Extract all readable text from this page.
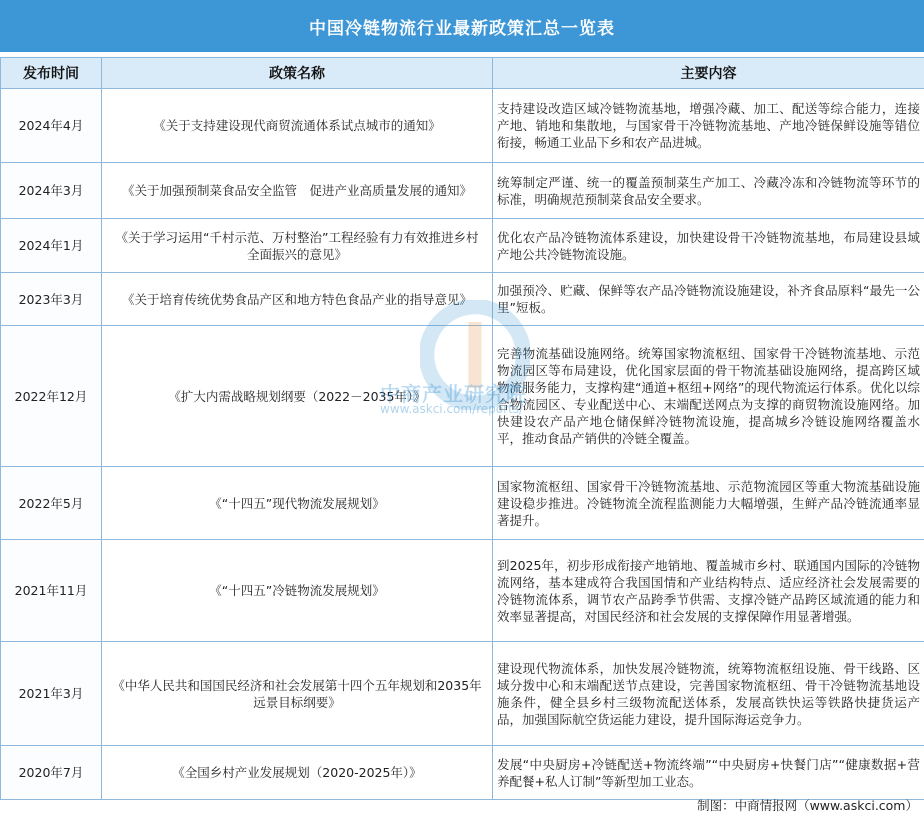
中国冷链物流行业最新政策汇总一览表
发布时间	政策名称	主要内容
2024年4月	《关于支持建设现代商贸流通体系试点城市的通知》	支持建设改造区域冷链物流基地，增强冷藏、加工、配送等综合能力，连接产地、销地和集散地，与国家骨干冷链物流基地、产地冷链保鲜设施等错位衔接，畅通工业品下乡和农产品进城。
2024年3月	《关于加强预制菜食品安全监管　促进产业高质量发展的通知》	统筹制定严谨、统一的覆盖预制菜生产加工、冷藏冷冻和冷链物流等环节的标准，明确规范预制菜食品安全要求。
2024年1月	《关于学习运用“千村示范、万村整治”工程经验有力有效推进乡村全面振兴的意见》	优化农产品冷链物流体系建设，加快建设骨干冷链物流基地，布局建设县域产地公共冷链物流设施。
2023年3月	《关于培育传统优势食品产区和地方特色食品产业的指导意见》	加强预冷、贮藏、保鲜等农产品冷链物流设施建设，补齐食品原料“最先一公里”短板。
2022年12月	《扩大内需战略规划纲要（2022－2035年）》	完善物流基础设施网络。统筹国家物流枢纽、国家骨干冷链物流基地、示范物流园区等布局建设，优化国家层面的骨干物流基础设施网络，提高跨区域物流服务能力，支撑构建“通道+枢纽+网络”的现代物流运行体系。优化以综合物流园区、专业配送中心、末端配送网点为支撑的商贸物流设施网络。加快建设农产品产地仓储保鲜冷链物流设施，提高城乡冷链设施网络覆盖水平，推动食品产销供的冷链全覆盖。
2022年5月	《“十四五”现代物流发展规划》	国家物流枢纽、国家骨干冷链物流基地、示范物流园区等重大物流基础设施建设稳步推进。冷链物流全流程监测能力大幅增强，生鲜产品冷链流通率显著提升。
2021年11月	《“十四五”冷链物流发展规划》	到2025年，初步形成衔接产地销地、覆盖城市乡村、联通国内国际的冷链物流网络，基本建成符合我国国情和产业结构特点、适应经济社会发展需要的冷链物流体系，调节农产品跨季节供需、支撑冷链产品跨区域流通的能力和效率显著提高，对国民经济和社会发展的支撑保障作用显著增强。
2021年3月	《中华人民共和国国民经济和社会发展第十四个五年规划和2035年远景目标纲要》	建设现代物流体系，加快发展冷链物流，统筹物流枢纽设施、骨干线路、区域分拨中心和末端配送节点建设，完善国家物流枢纽、骨干冷链物流基地设施条件，健全县乡村三级物流配送体系，发展高铁快运等铁路快捷货运产品，加强国际航空货运能力建设，提升国际海运竞争力。
2020年7月	《全国乡村产业发展规划（2020-2025年）》	发展“中央厨房+冷链配送+物流终端”“中央厨房+快餐门店”“健康数据+营养配餐+私人订制”等新型加工业态。
中商产业研究院
www.askci.com/reports/
制图：中商情报网（www.askci.com）
